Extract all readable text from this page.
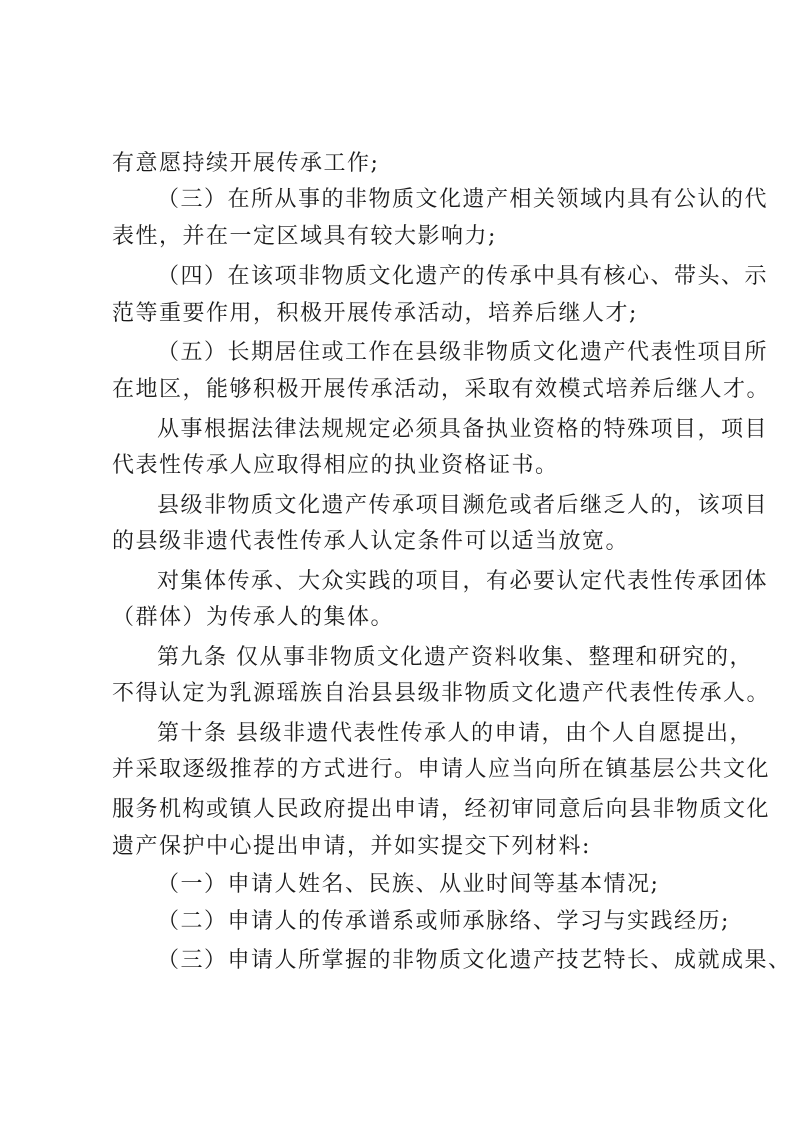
有意愿持续开展传承工作;
（三）在所从事的非物质文化遗产相关领域内具有公认的代
表性，并在一定区域具有较大影响力;
（四）在该项非物质文化遗产的传承中具有核心、带头、示
范等重要作用，积极开展传承活动，培养后继人才;
（五）长期居住或工作在县级非物质文化遗产代表性项目所
在地区，能够积极开展传承活动，采取有效模式培养后继人才。
从事根据法律法规规定必须具备执业资格的特殊项目，项目
代表性传承人应取得相应的执业资格证书。
县级非物质文化遗产传承项目濒危或者后继乏人的，该项目
的县级非遗代表性传承人认定条件可以适当放宽。
对集体传承、大众实践的项目，有必要认定代表性传承团体
（群体）为传承人的集体。
第九条 仅从事非物质文化遗产资料收集、整理和研究的，
不得认定为乳源瑶族自治县县级非物质文化遗产代表性传承人。
第十条 县级非遗代表性传承人的申请，由个人自愿提出，
并采取逐级推荐的方式进行。申请人应当向所在镇基层公共文化
服务机构或镇人民政府提出申请，经初审同意后向县非物质文化
遗产保护中心提出申请，并如实提交下列材料:
（一）申请人姓名、民族、从业时间等基本情况;
（二）申请人的传承谱系或师承脉络、学习与实践经历;
（三）申请人所掌握的非物质文化遗产技艺特长、成就成果、
